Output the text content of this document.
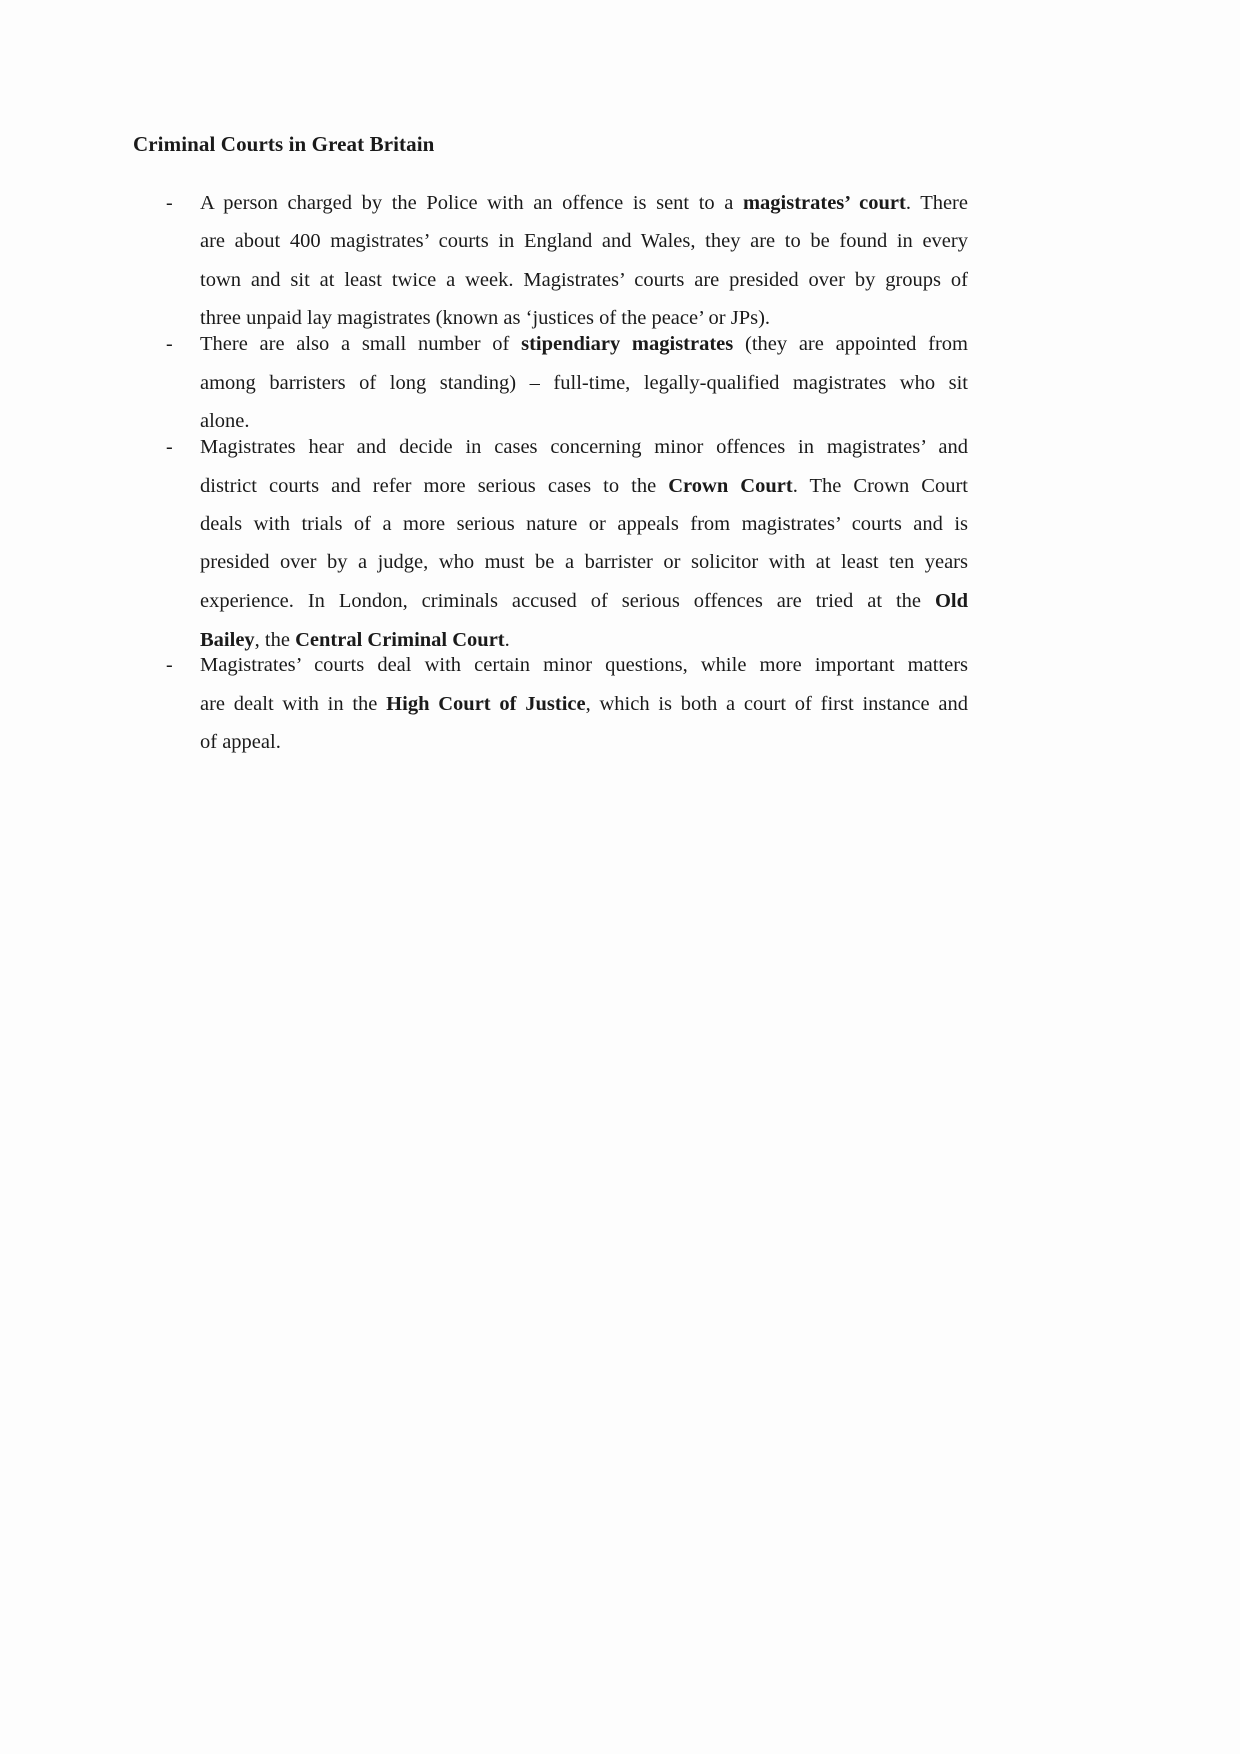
Criminal Courts in Great Britain
- A person charged by the Police with an offence is sent to a magistrates’ court. There
are about 400 magistrates’ courts in England and Wales, they are to be found in every
town and sit at least twice a week. Magistrates’ courts are presided over by groups of
three unpaid lay magistrates (known as ‘justices of the peace’ or JPs).
- There are also a small number of stipendiary magistrates (they are appointed from
among barristers of long standing) – full-time, legally-qualified magistrates who sit
alone.
- Magistrates hear and decide in cases concerning minor offences in magistrates’ and
district courts and refer more serious cases to the Crown Court. The Crown Court
deals with trials of a more serious nature or appeals from magistrates’ courts and is
presided over by a judge, who must be a barrister or solicitor with at least ten years
experience. In London, criminals accused of serious offences are tried at the Old
Bailey, the Central Criminal Court.
- Magistrates’ courts deal with certain minor questions, while more important matters
are dealt with in the High Court of Justice, which is both a court of first instance and
of appeal.
